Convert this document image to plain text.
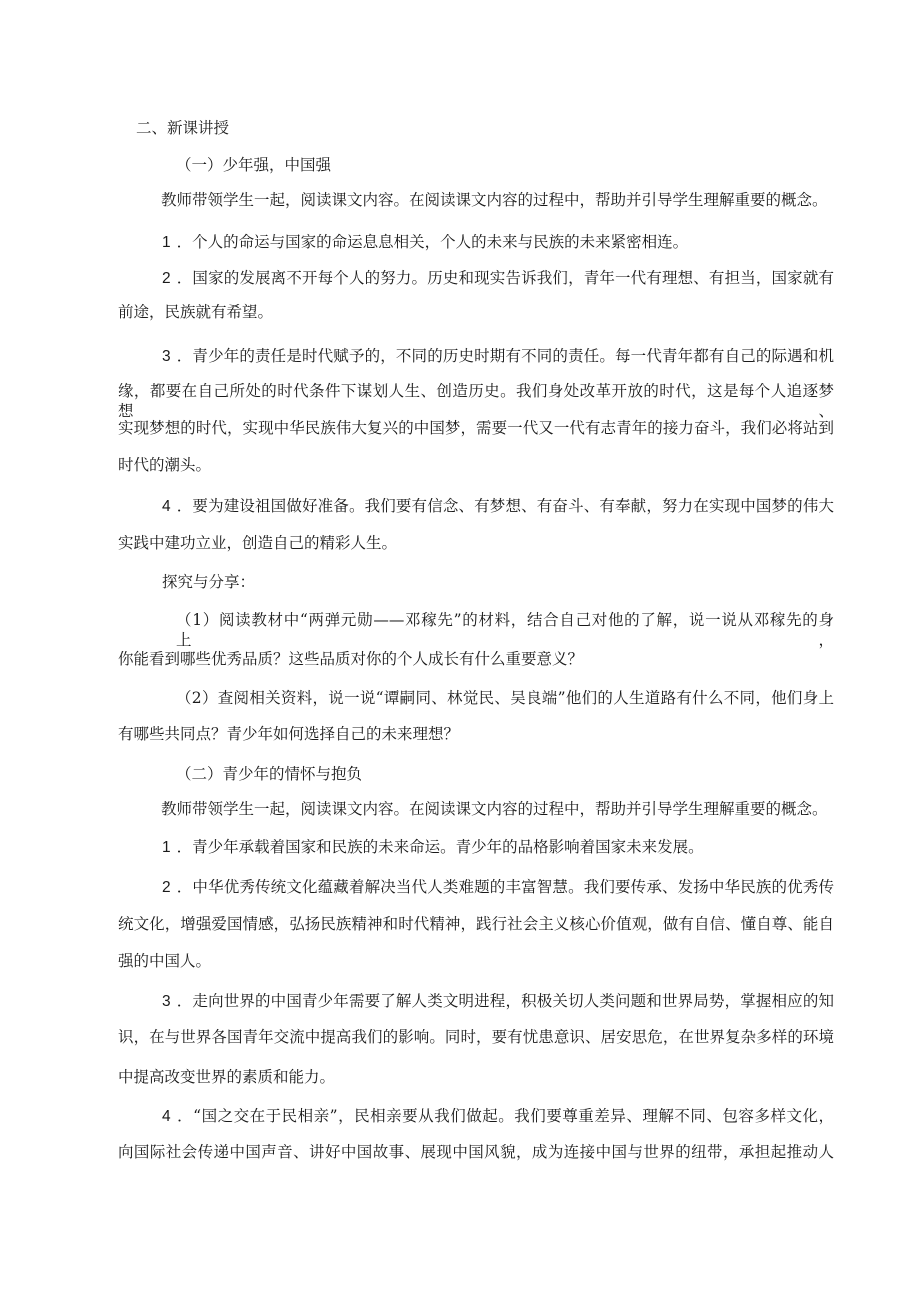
二、新课讲授
（一）少年强，中国强
教师带领学生一起，阅读课文内容。在阅读课文内容的过程中，帮助并引导学生理解重要的概念。
1 ．个人的命运与国家的命运息息相关，个人的未来与民族的未来紧密相连。
2 ．国家的发展离不开每个人的努力。历史和现实告诉我们，青年一代有理想、有担当，国家就有
前途，民族就有希望。
3 ．青少年的责任是时代赋予的，不同的历史时期有不同的责任。每一代青年都有自己的际遇和机
缘，都要在自己所处的时代条件下谋划人生、创造历史。我们身处改革开放的时代，这是每个人追逐梦想、
实现梦想的时代，实现中华民族伟大复兴的中国梦，需要一代又一代有志青年的接力奋斗，我们必将站到
时代的潮头。
4 ．要为建设祖国做好准备。我们要有信念、有梦想、有奋斗、有奉献，努力在实现中国梦的伟大
实践中建功立业，创造自己的精彩人生。
探究与分享：
（1）阅读教材中“两弹元勋——邓稼先”的材料，结合自己对他的了解，说一说从邓稼先的身上，
你能看到哪些优秀品质？这些品质对你的个人成长有什么重要意义？
（2）查阅相关资料，说一说“谭嗣同、林觉民、吴良端”他们的人生道路有什么不同，他们身上
有哪些共同点？青少年如何选择自己的未来理想？
（二）青少年的情怀与抱负
教师带领学生一起，阅读课文内容。在阅读课文内容的过程中，帮助并引导学生理解重要的概念。
1 ．青少年承载着国家和民族的未来命运。青少年的品格影响着国家未来发展。
2 ．中华优秀传统文化蕴藏着解决当代人类难题的丰富智慧。我们要传承、发扬中华民族的优秀传
统文化，增强爱国情感，弘扬民族精神和时代精神，践行社会主义核心价值观，做有自信、懂自尊、能自
强的中国人。
3 ．走向世界的中国青少年需要了解人类文明进程，积极关切人类问题和世界局势，掌握相应的知
识，在与世界各国青年交流中提高我们的影响。同时，要有忧患意识、居安思危，在世界复杂多样的环境
中提高改变世界的素质和能力。
4 ．“国之交在于民相亲”，民相亲要从我们做起。我们要尊重差异、理解不同、包容多样文化，
向国际社会传递中国声音、讲好中国故事、展现中国风貌，成为连接中国与世界的纽带，承担起推动人
